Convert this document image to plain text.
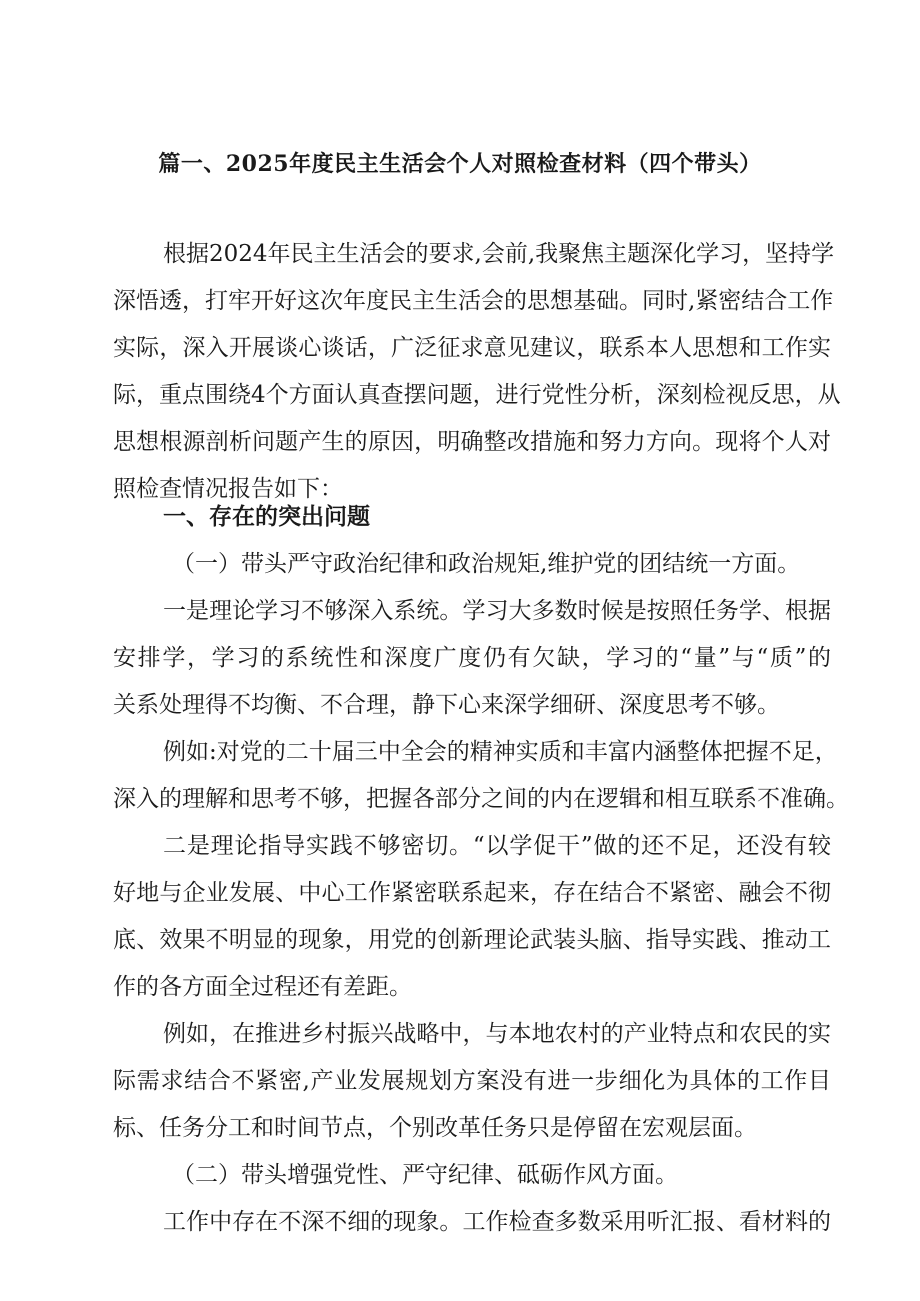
篇一、2025年度民主生活会个人对照检查材料（四个带头）
根据2024年民主生活会的要求,会前,我聚焦主题深化学习，坚持学
深悟透，打牢开好这次年度民主生活会的思想基础。同时,紧密结合工作
实际，深入开展谈心谈话，广泛征求意见建议，联系本人思想和工作实
际，重点围绕4个方面认真查摆问题，进行党性分析，深刻检视反思，从
思想根源剖析问题产生的原因，明确整改措施和努力方向。现将个人对
照检查情况报告如下：
一、存在的突出问题
（一）带头严守政治纪律和政治规矩,维护党的团结统一方面。
一是理论学习不够深入系统。学习大多数时候是按照任务学、根据
安排学，学习的系统性和深度广度仍有欠缺，学习的“量”与“质”的
关系处理得不均衡、不合理，静下心来深学细研、深度思考不够。
例如:对党的二十届三中全会的精神实质和丰富内涵整体把握不足，
深入的理解和思考不够，把握各部分之间的内在逻辑和相互联系不准确。
二是理论指导实践不够密切。“以学促干”做的还不足，还没有较
好地与企业发展、中心工作紧密联系起来，存在结合不紧密、融会不彻
底、效果不明显的现象，用党的创新理论武装头脑、指导实践、推动工
作的各方面全过程还有差距。
例如，在推进乡村振兴战略中，与本地农村的产业特点和农民的实
际需求结合不紧密,产业发展规划方案没有进一步细化为具体的工作目
标、任务分工和时间节点，个别改革任务只是停留在宏观层面。
（二）带头增强党性、严守纪律、砥砺作风方面。
工作中存在不深不细的现象。工作检查多数采用听汇报、看材料的
